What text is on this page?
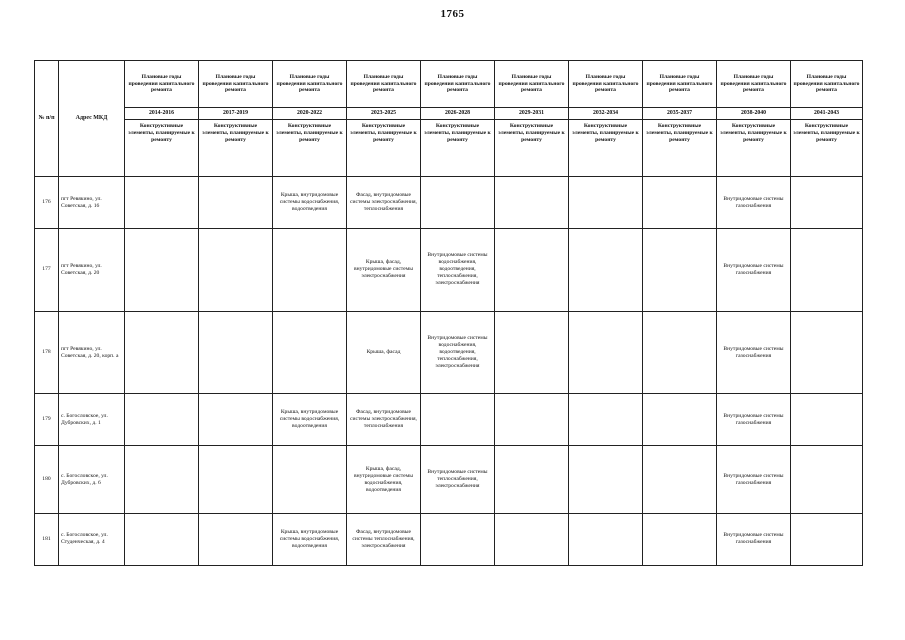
1765
№ п/п	Адрес МКД	Плановые годы проведения капитального ремонта	Плановые годы проведения капитального ремонта	Плановые годы проведения капитального ремонта	Плановые годы проведения капитального ремонта	Плановые годы проведения капитального ремонта	Плановые годы проведения капитального ремонта	Плановые годы проведения капитального ремонта	Плановые годы проведения капитального ремонта	Плановые годы проведения капитального ремонта	Плановые годы проведения капитального ремонта
		2014-2016	2017-2019	2020-2022	2023-2025	2026-2028	2029-2031	2032-2034	2035-2037	2038-2040	2041-2043
		Конструктивные элементы, планируемые к ремонту	Конструктивные элементы, планируемые к ремонту	Конструктивные элементы, планируемые к ремонту	Конструктивные элементы, планируемые к ремонту	Конструктивные элементы, планируемые к ремонту	Конструктивные элементы, планируемые к ремонту	Конструктивные элементы, планируемые к ремонту	Конструктивные элементы, планируемые к ремонту	Конструктивные элементы, планируемые к ремонту	Конструктивные элементы, планируемые к ремонту
176	пгт Ревякино, ул. Советская, д. 16			Крыша, внутридомовые системы водоснабжения, водоотведения	Фасад, внутридомовые системы электроснабжения, теплоснабжения					Внутридомовые системы газоснабжения	
177	пгт Ревякино, ул. Советская, д. 20				Крыша, фасад, внутридомовые системы электроснабжения	Внутридомовые системы водоснабжения, водоотведения, теплоснабжения, электроснабжения				Внутридомовые системы газоснабжения	
178	пгт Ревякино, ул. Советская, д. 20, корп. а				Крыша, фасад	Внутридомовые системы водоснабжения, водоотведения, теплоснабжения, электроснабжения				Внутридомовые системы газоснабжения	
179	с. Богословское, ул. Дубровских, д. 1			Крыша, внутридомовые системы водоснабжения, водоотведения	Фасад, внутридомовые системы электроснабжения, теплоснабжения					Внутридомовые системы газоснабжения	
180	с. Богословское, ул. Дубровских, д. 6				Крыша, фасад, внутридомовые системы водоснабжения, водоотведения	Внутридомовые системы теплоснабжения, электроснабжения				Внутридомовые системы газоснабжения	
181	с. Богословское, ул. Студенческая, д. 4			Крыша, внутридомовые системы водоснабжения, водоотведения	Фасад, внутридомовые системы теплоснабжения, электроснабжения					Внутридомовые системы газоснабжения	
